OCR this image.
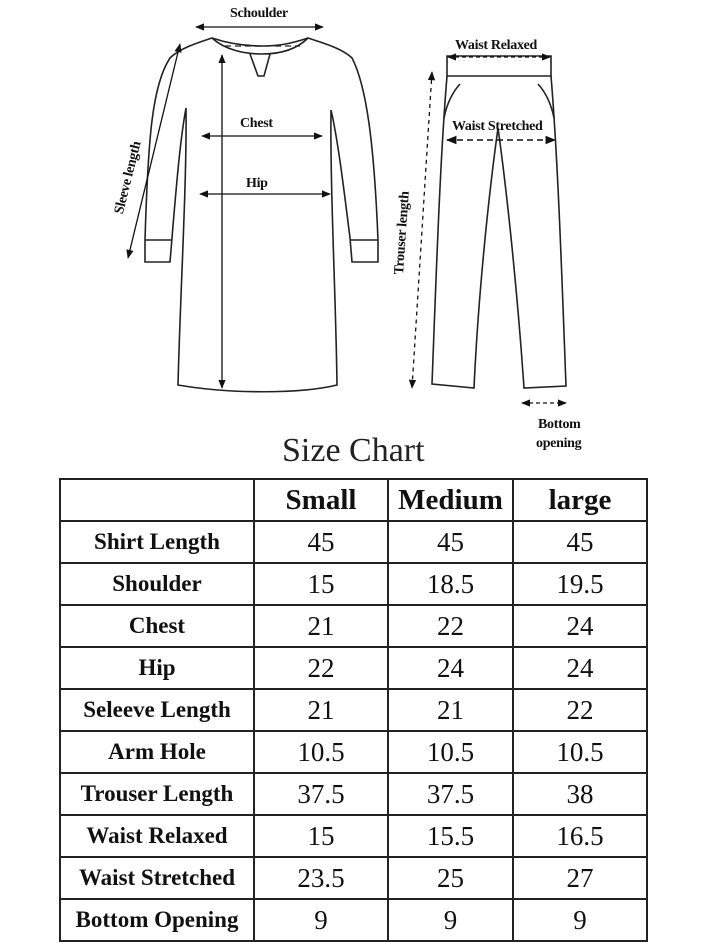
Schoulder
Chest
Hip
Sleeve length
Waist Relaxed
Waist Stretched
Trouser length
Bottom
opening
Size Chart
	Small	Medium	large
Shirt Length	45	45	45
Shoulder	15	18.5	19.5
Chest	21	22	24
Hip	22	24	24
Seleeve Length	21	21	22
Arm Hole	10.5	10.5	10.5
Trouser Length	37.5	37.5	38
Waist Relaxed	15	15.5	16.5
Waist Stretched	23.5	25	27
Bottom Opening	9	9	9
